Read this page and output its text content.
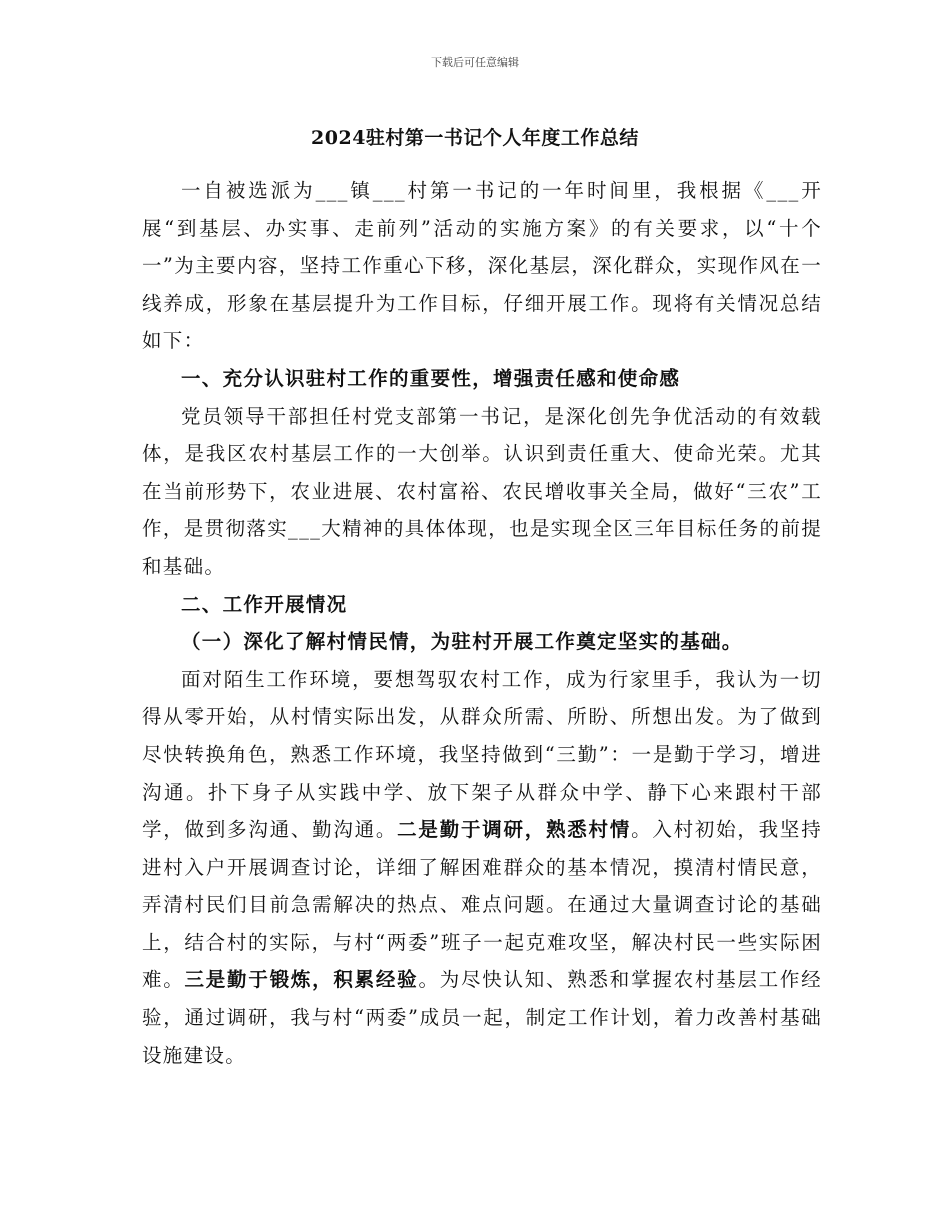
下载后可任意编辑
2024驻村第一书记个人年度工作总结

一自被选派为___镇___村第一书记的一年时间里，我根据《___开展“到基层、办实事、走前列”活动的实施方案》的有关要求，以“十个一”为主要内容，坚持工作重心下移，深化基层，深化群众，实现作风在一线养成，形象在基层提升为工作目标，仔细开展工作。现将有关情况总结如下：

一、充分认识驻村工作的重要性，增强责任感和使命感

党员领导干部担任村党支部第一书记，是深化创先争优活动的有效载体，是我区农村基层工作的一大创举。认识到责任重大、使命光荣。尤其在当前形势下，农业进展、农村富裕、农民增收事关全局，做好“三农”工作，是贯彻落实___大精神的具体体现，也是实现全区三年目标任务的前提和基础。

二、工作开展情况

（一）深化了解村情民情，为驻村开展工作奠定坚实的基础。

面对陌生工作环境，要想驾驭农村工作，成为行家里手，我认为一切得从零开始，从村情实际出发，从群众所需、所盼、所想出发。为了做到尽快转换角色，熟悉工作环境，我坚持做到“三勤”：一是勤于学习，增进沟通。扑下身子从实践中学、放下架子从群众中学、静下心来跟村干部学，做到多沟通、勤沟通。二是勤于调研，熟悉村情。入村初始，我坚持进村入户开展调查讨论，详细了解困难群众的基本情况，摸清村情民意，弄清村民们目前急需解决的热点、难点问题。在通过大量调查讨论的基础上，结合村的实际，与村“两委”班子一起克难攻坚，解决村民一些实际困难。三是勤于锻炼，积累经验。为尽快认知、熟悉和掌握农村基层工作经验，通过调研，我与村“两委”成员一起，制定工作计划，着力改善村基础设施建设。
